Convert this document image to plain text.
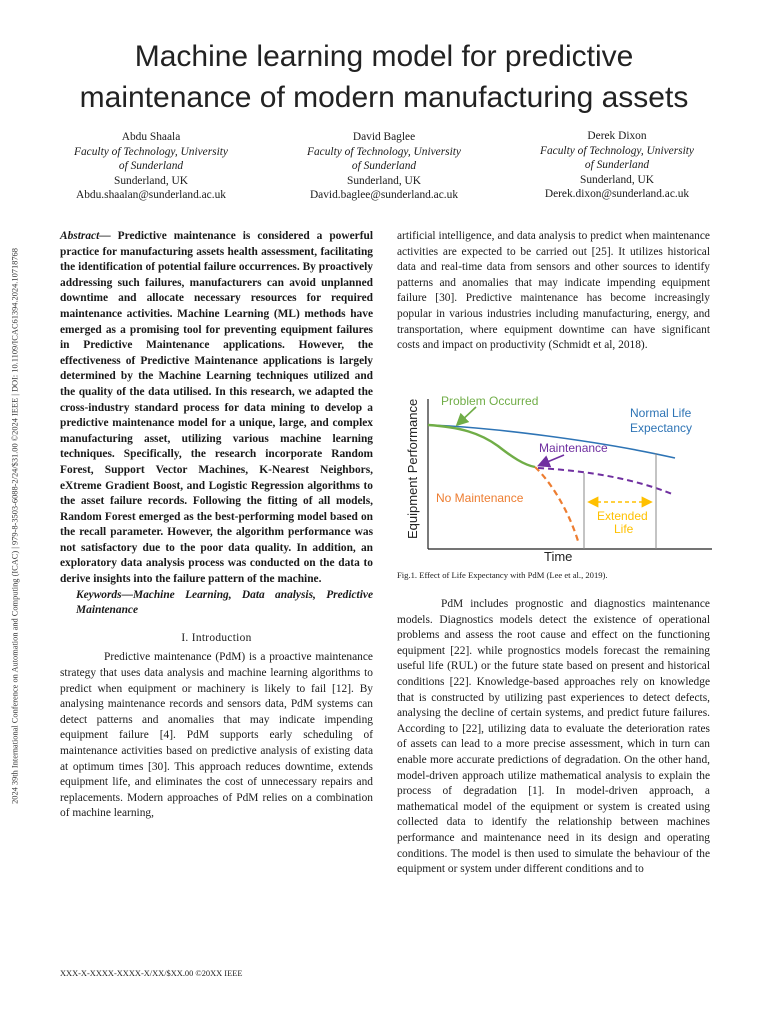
Machine learning model for predictive
maintenance of modern manufacturing assets
Abdu Shaala
Faculty of Technology, University
of Sunderland
Sunderland, UK
Abdu.shaalan@sunderland.ac.uk
David Baglee
Faculty of Technology, University
of Sunderland
Sunderland, UK
David.baglee@sunderland.ac.uk
Derek Dixon
Faculty of Technology, University
of Sunderland
Sunderland, UK
Derek.dixon@sunderland.ac.uk
2024 39th International Conference on Automation and Computing (ICAC) | 979-8-3503-6088-2/24/$31.00 ©2024 IEEE | DOI: 10.1109/ICAC61394.2024.10718768

Abstract— Predictive maintenance is considered a powerful practice for manufacturing assets health assessment, facilitating the identification of potential failure occurrences. By proactively addressing such failures, manufacturers can avoid unplanned downtime and allocate necessary resources for required maintenance activities. Machine Learning (ML) methods have emerged as a promising tool for preventing equipment failures in Predictive Maintenance applications. However, the effectiveness of Predictive Maintenance applications is largely determined by the Machine Learning techniques utilized and the quality of the data utilised. In this research, we adapted the cross-industry standard process for data mining to develop a predictive maintenance model for a unique, large, and complex manufacturing asset, utilizing various machine learning techniques. Specifically, the research incorporate Random Forest, Support Vector Machines, K-Nearest Neighbors, eXtreme Gradient Boost, and Logistic Regression algorithms to the asset failure records. Following the fitting of all models, Random Forest emerged as the best-performing model based on the recall parameter. However, the algorithm performance was not satisfactory due to the poor data quality. In addition, an exploratory data analysis process was conducted on the data to derive insights into the failure pattern of the machine.

Keywords—Machine Learning, Data analysis, Predictive Maintenance

I. Introduction

Predictive maintenance (PdM) is a proactive maintenance strategy that uses data analysis and machine learning algorithms to predict when equipment or machinery is likely to fail [12]. By analysing maintenance records and sensors data, PdM systems can detect patterns and anomalies that may indicate impending equipment failure [4]. PdM supports early scheduling of maintenance activities based on predictive analysis of existing data at optimum times [30]. This approach reduces downtime, extends equipment life, and eliminates the cost of unnecessary repairs and replacements. Modern approaches of PdM relies on a combination of machine learning,

artificial intelligence, and data analysis to predict when maintenance activities are expected to be carried out [25]. It utilizes historical data and real-time data from sensors and other sources to identify patterns and anomalies that may indicate impending equipment failure [30]. Predictive maintenance has become increasingly popular in various industries including manufacturing, energy, and transportation, where equipment downtime can have significant costs and impact on productivity (Schmidt et al, 2018).

Equipment Performance
Time
Problem Occurred
Normal Life
Expectancy
Maintenance
No Maintenance
Extended
Life
Fig.1. Effect of Life Expectancy with PdM (Lee et al., 2019).

PdM includes prognostic and diagnostics maintenance models. Diagnostics models detect the existence of operational problems and assess the root cause and effect on the functioning equipment [22]. while prognostics models forecast the remaining useful life (RUL) or the future state based on present and historical conditions [22]. Knowledge-based approaches rely on knowledge that is constructed by utilizing past experiences to detect defects, analysing the decline of certain systems, and predict future failures. According to [22], utilizing data to evaluate the deterioration rates of assets can lead to a more precise assessment, which in turn can enable more accurate predictions of degradation. On the other hand, model-driven approach utilize mathematical analysis to explain the process of degradation [1]. In model-driven approach, a mathematical model of the equipment or system is created using collected data to identify the relationship between machines performance and maintenance need in its design and operating conditions. The model is then used to simulate the behaviour of the equipment or system under different conditions and to

XXX-X-XXXX-XXXX-X/XX/$XX.00 ©20XX IEEE
